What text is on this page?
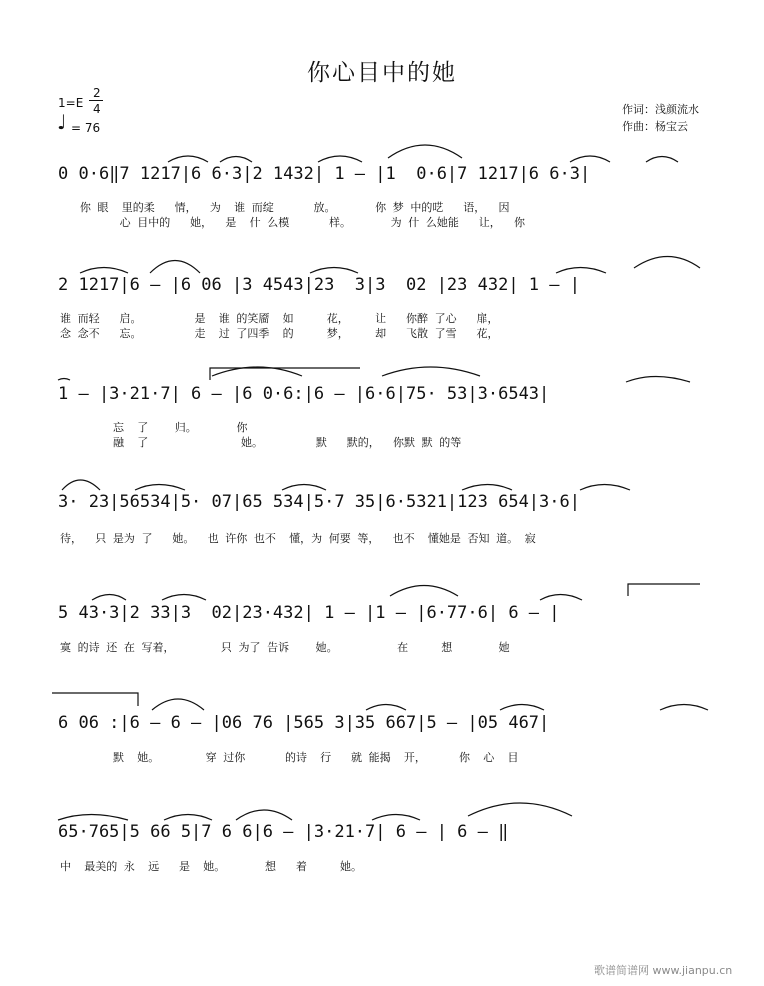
你心目中的她
1=E
2
4
♩ = 76
作词：浅颜流水
作曲：杨宝云
0 0·6‖7 1217|6 6·3|2 1432| 1 – |1  0·6|7 1217|6 6·3|
你 眼  里的柔   情，  为  谁 而绽      放。      你 梦 中的呓   语，  因
心 目中的   她，  是  什 么模      样。      为 什 么她能   让，  你
2 1217|6 – |6 06 |3 4543|23  3|3  02 |23 432| 1 – |
谁 而轻   启。        是  谁 的笑靥  如     花，    让   你醉 了心   扉，
念 念不   忘。        走  过 了四季  的     梦，    却   飞散 了雪   花，
1 – |3·21·7| 6 – |6 0·6:|6 – |6·6|75· 53|3·6543|
忘  了    归。      你
融  了              她。        默   默的，  你默 默 的等
3· 23|56534|5· 07|65 534|5·7 35|6·5321|123 654|3·6|
待，  只 是为 了   她。  也 许你 也不  懂，为 何要 等，  也不  懂她是 否知 道。 寂
5 43·3|2 33|3  02|23·432| 1 – |1 – |6·77·6| 6 – |
寞 的诗 还 在 写着，       只 为了 告诉    她。         在     想       她
6 06 :|6 – 6 – |06 76 |565 3|35 667|5 – |05 467|
默  她。       穿 过你      的诗  行   就 能揭  开，     你  心  目
65·765|5 66 5|7 6 6|6 – |3·21·7| 6 – | 6 – ‖
中  最美的 永  远   是  她。      想   着     她。
歌谱简谱网 www.jianpu.cn
